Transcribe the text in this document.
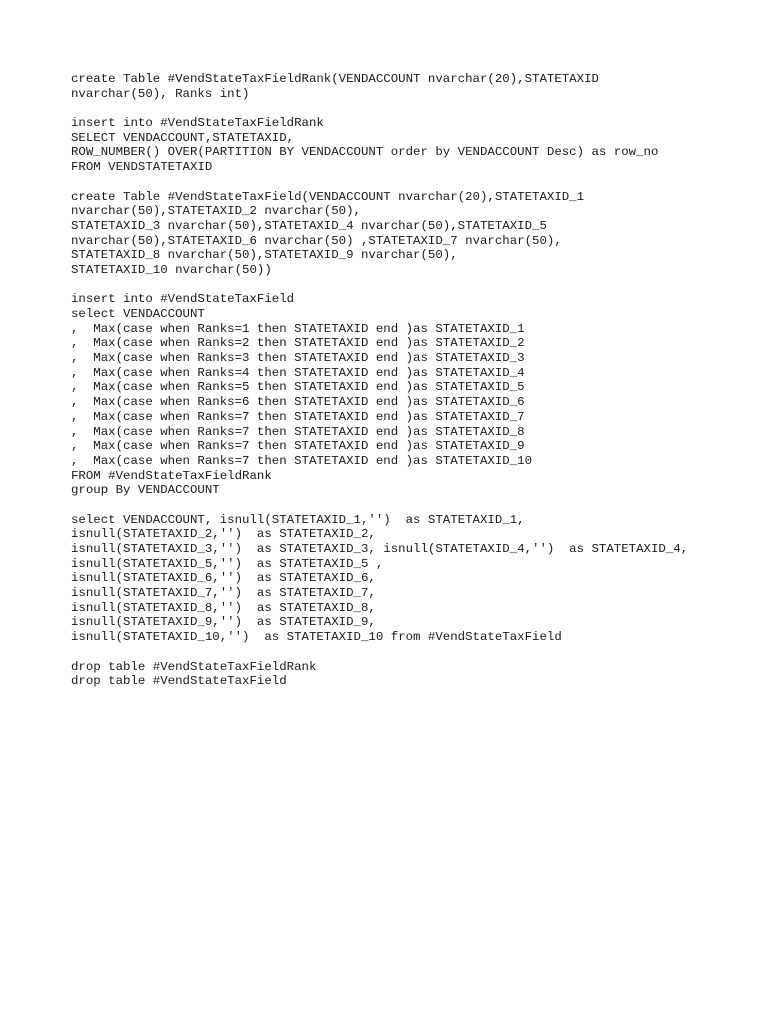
create Table #VendStateTaxFieldRank(VENDACCOUNT nvarchar(20),STATETAXID
nvarchar(50), Ranks int)
insert into #VendStateTaxFieldRank
SELECT VENDACCOUNT,STATETAXID,
ROW_NUMBER() OVER(PARTITION BY VENDACCOUNT order by VENDACCOUNT Desc) as row_no
FROM VENDSTATETAXID
create Table #VendStateTaxField(VENDACCOUNT nvarchar(20),STATETAXID_1
nvarchar(50),STATETAXID_2 nvarchar(50),
STATETAXID_3 nvarchar(50),STATETAXID_4 nvarchar(50),STATETAXID_5
nvarchar(50),STATETAXID_6 nvarchar(50) ,STATETAXID_7 nvarchar(50),
STATETAXID_8 nvarchar(50),STATETAXID_9 nvarchar(50),
STATETAXID_10 nvarchar(50))
insert into #VendStateTaxField
select VENDACCOUNT
,  Max(case when Ranks=1 then STATETAXID end )as STATETAXID_1
,  Max(case when Ranks=2 then STATETAXID end )as STATETAXID_2
,  Max(case when Ranks=3 then STATETAXID end )as STATETAXID_3
,  Max(case when Ranks=4 then STATETAXID end )as STATETAXID_4
,  Max(case when Ranks=5 then STATETAXID end )as STATETAXID_5
,  Max(case when Ranks=6 then STATETAXID end )as STATETAXID_6
,  Max(case when Ranks=7 then STATETAXID end )as STATETAXID_7
,  Max(case when Ranks=7 then STATETAXID end )as STATETAXID_8
,  Max(case when Ranks=7 then STATETAXID end )as STATETAXID_9
,  Max(case when Ranks=7 then STATETAXID end )as STATETAXID_10
FROM #VendStateTaxFieldRank
group By VENDACCOUNT
select VENDACCOUNT, isnull(STATETAXID_1,'')  as STATETAXID_1,
isnull(STATETAXID_2,'')  as STATETAXID_2,
isnull(STATETAXID_3,'')  as STATETAXID_3, isnull(STATETAXID_4,'')  as STATETAXID_4,
isnull(STATETAXID_5,'')  as STATETAXID_5 ,
isnull(STATETAXID_6,'')  as STATETAXID_6,
isnull(STATETAXID_7,'')  as STATETAXID_7,
isnull(STATETAXID_8,'')  as STATETAXID_8,
isnull(STATETAXID_9,'')  as STATETAXID_9,
isnull(STATETAXID_10,'')  as STATETAXID_10 from #VendStateTaxField
drop table #VendStateTaxFieldRank
drop table #VendStateTaxField
